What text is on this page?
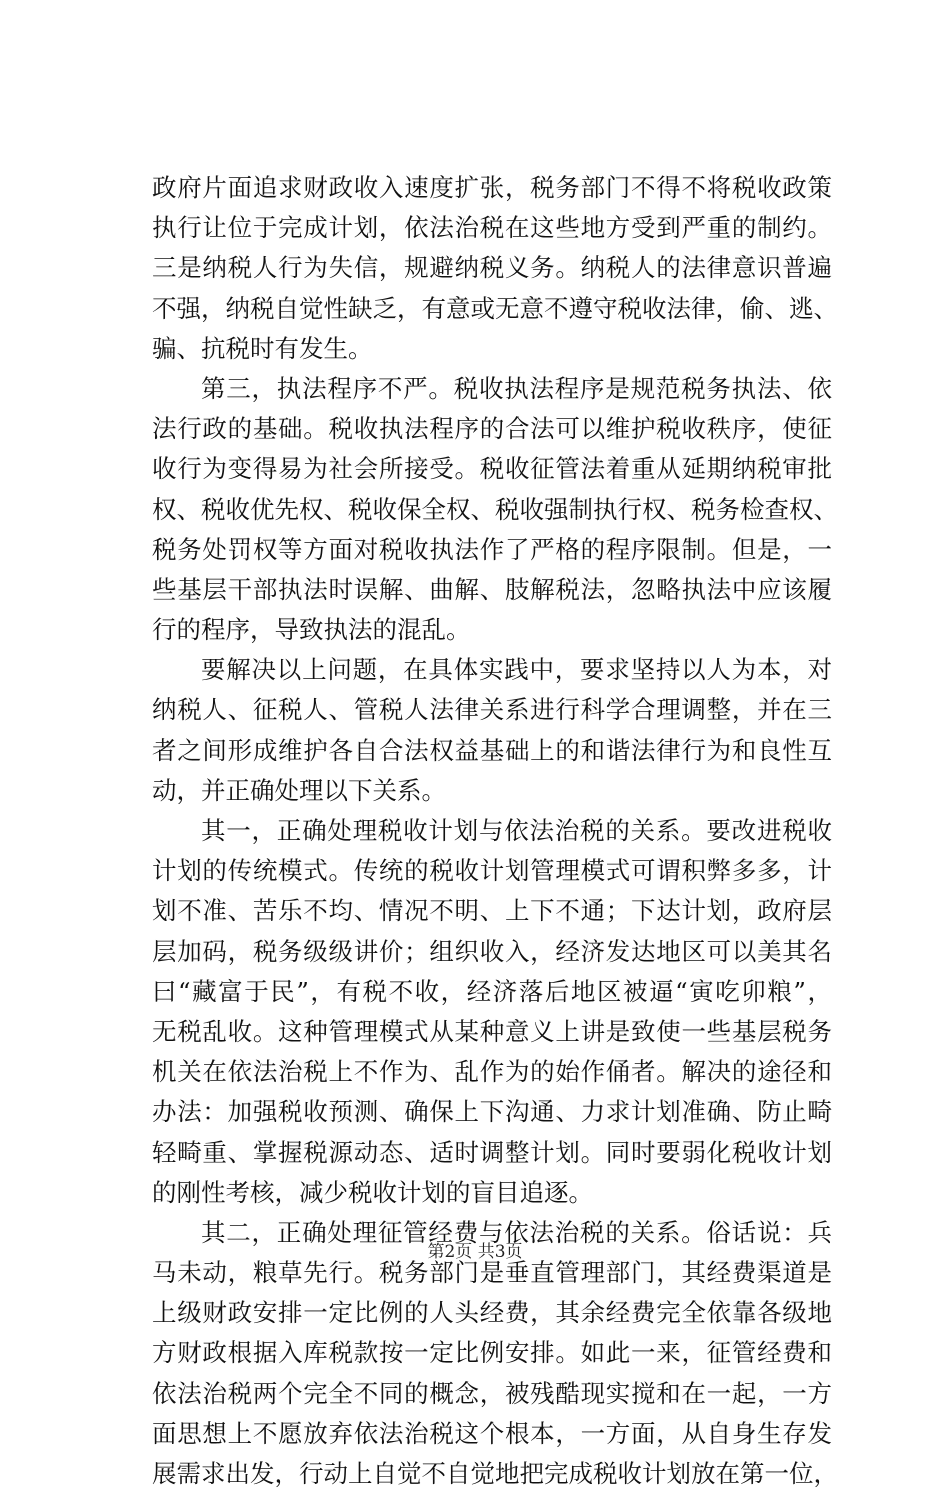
政府片面追求财政收入速度扩张，税务部门不得不将税收政策
执行让位于完成计划，依法治税在这些地方受到严重的制约。
三是纳税人行为失信，规避纳税义务。纳税人的法律意识普遍
不强，纳税自觉性缺乏，有意或无意不遵守税收法律，偷、逃、
骗、抗税时有发生。
第三，执法程序不严。税收执法程序是规范税务执法、依
法行政的基础。税收执法程序的合法可以维护税收秩序，使征
收行为变得易为社会所接受。税收征管法着重从延期纳税审批
权、税收优先权、税收保全权、税收强制执行权、税务检查权、
税务处罚权等方面对税收执法作了严格的程序限制。但是，一
些基层干部执法时误解、曲解、肢解税法，忽略执法中应该履
行的程序，导致执法的混乱。
要解决以上问题，在具体实践中，要求坚持以人为本，对
纳税人、征税人、管税人法律关系进行科学合理调整，并在三
者之间形成维护各自合法权益基础上的和谐法律行为和良性互
动，并正确处理以下关系。
其一，正确处理税收计划与依法治税的关系。要改进税收
计划的传统模式。传统的税收计划管理模式可谓积弊多多，计
划不准、苦乐不均、情况不明、上下不通；下达计划，政府层
层加码，税务级级讲价；组织收入，经济发达地区可以美其名
曰“藏富于民”，有税不收，经济落后地区被逼“寅吃卯粮”，
无税乱收。这种管理模式从某种意义上讲是致使一些基层税务
机关在依法治税上不作为、乱作为的始作俑者。解决的途径和
办法：加强税收预测、确保上下沟通、力求计划准确、防止畸
轻畸重、掌握税源动态、适时调整计划。同时要弱化税收计划
的刚性考核，减少税收计划的盲目追逐。
其二，正确处理征管经费与依法治税的关系。俗话说：兵
马未动，粮草先行。税务部门是垂直管理部门，其经费渠道是
上级财政安排一定比例的人头经费，其余经费完全依靠各级地
方财政根据入库税款按一定比例安排。如此一来，征管经费和
依法治税两个完全不同的概念，被残酷现实搅和在一起，一方
面思想上不愿放弃依法治税这个根本，一方面，从自身生存发
展需求出发，行动上自觉不自觉地把完成税收计划放在第一位，
第2页 共3页
